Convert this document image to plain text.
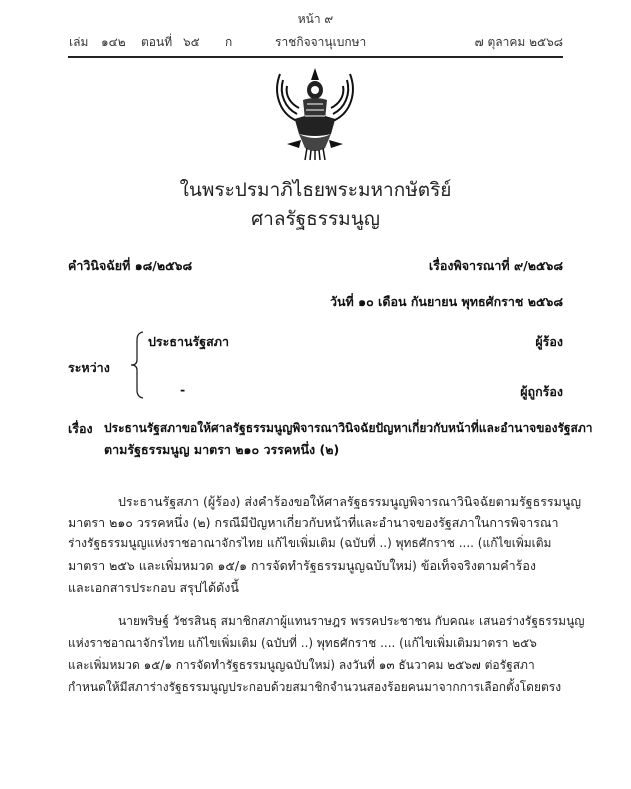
หน้า ๙
เล่ม ๑๔๒ ตอนที่ ๖๕ ก	ราชกิจจานุเบกษา	๗ ตุลาคม ๒๕๖๘
ในพระปรมาภิไธยพระมหากษัตริย์
ศาลรัฐธรรมนูญ
คำวินิจฉัยที่ ๑๘/๒๕๖๘	เรื่องพิจารณาที่ ๙/๒๕๖๘
วันที่ ๑๐ เดือน กันยายน พุทธศักราช ๒๕๖๘
ระหว่าง
ประธานรัฐสภา	ผู้ร้อง
-	ผู้ถูกร้อง
เรื่อง ประธานรัฐสภาขอให้ศาลรัฐธรรมนูญพิจารณาวินิจฉัยปัญหาเกี่ยวกับหน้าที่และอำนาจของรัฐสภา
ตามรัฐธรรมนูญ มาตรา ๒๑๐ วรรคหนึ่ง (๒)
ประธานรัฐสภา (ผู้ร้อง) ส่งคำร้องขอให้ศาลรัฐธรรมนูญพิจารณาวินิจฉัยตามรัฐธรรมนูญ
มาตรา ๒๑๐ วรรคหนึ่ง (๒) กรณีมีปัญหาเกี่ยวกับหน้าที่และอำนาจของรัฐสภาในการพิจารณา
ร่างรัฐธรรมนูญแห่งราชอาณาจักรไทย แก้ไขเพิ่มเติม (ฉบับที่ ..) พุทธศักราช .... (แก้ไขเพิ่มเติม
มาตรา ๒๕๖ และเพิ่มหมวด ๑๕/๑ การจัดทำรัฐธรรมนูญฉบับใหม่) ข้อเท็จจริงตามคำร้อง
และเอกสารประกอบ สรุปได้ดังนี้
นายพริษฐ์ วัชรสินธุ สมาชิกสภาผู้แทนราษฎร พรรคประชาชน กับคณะ เสนอร่างรัฐธรรมนูญ
แห่งราชอาณาจักรไทย แก้ไขเพิ่มเติม (ฉบับที่ ..) พุทธศักราช .... (แก้ไขเพิ่มเติมมาตรา ๒๕๖
และเพิ่มหมวด ๑๕/๑ การจัดทำรัฐธรรมนูญฉบับใหม่) ลงวันที่ ๑๓ ธันวาคม ๒๕๖๗ ต่อรัฐสภา
กำหนดให้มีสภาร่างรัฐธรรมนูญประกอบด้วยสมาชิกจำนวนสองร้อยคนมาจากการเลือกตั้งโดยตรง
